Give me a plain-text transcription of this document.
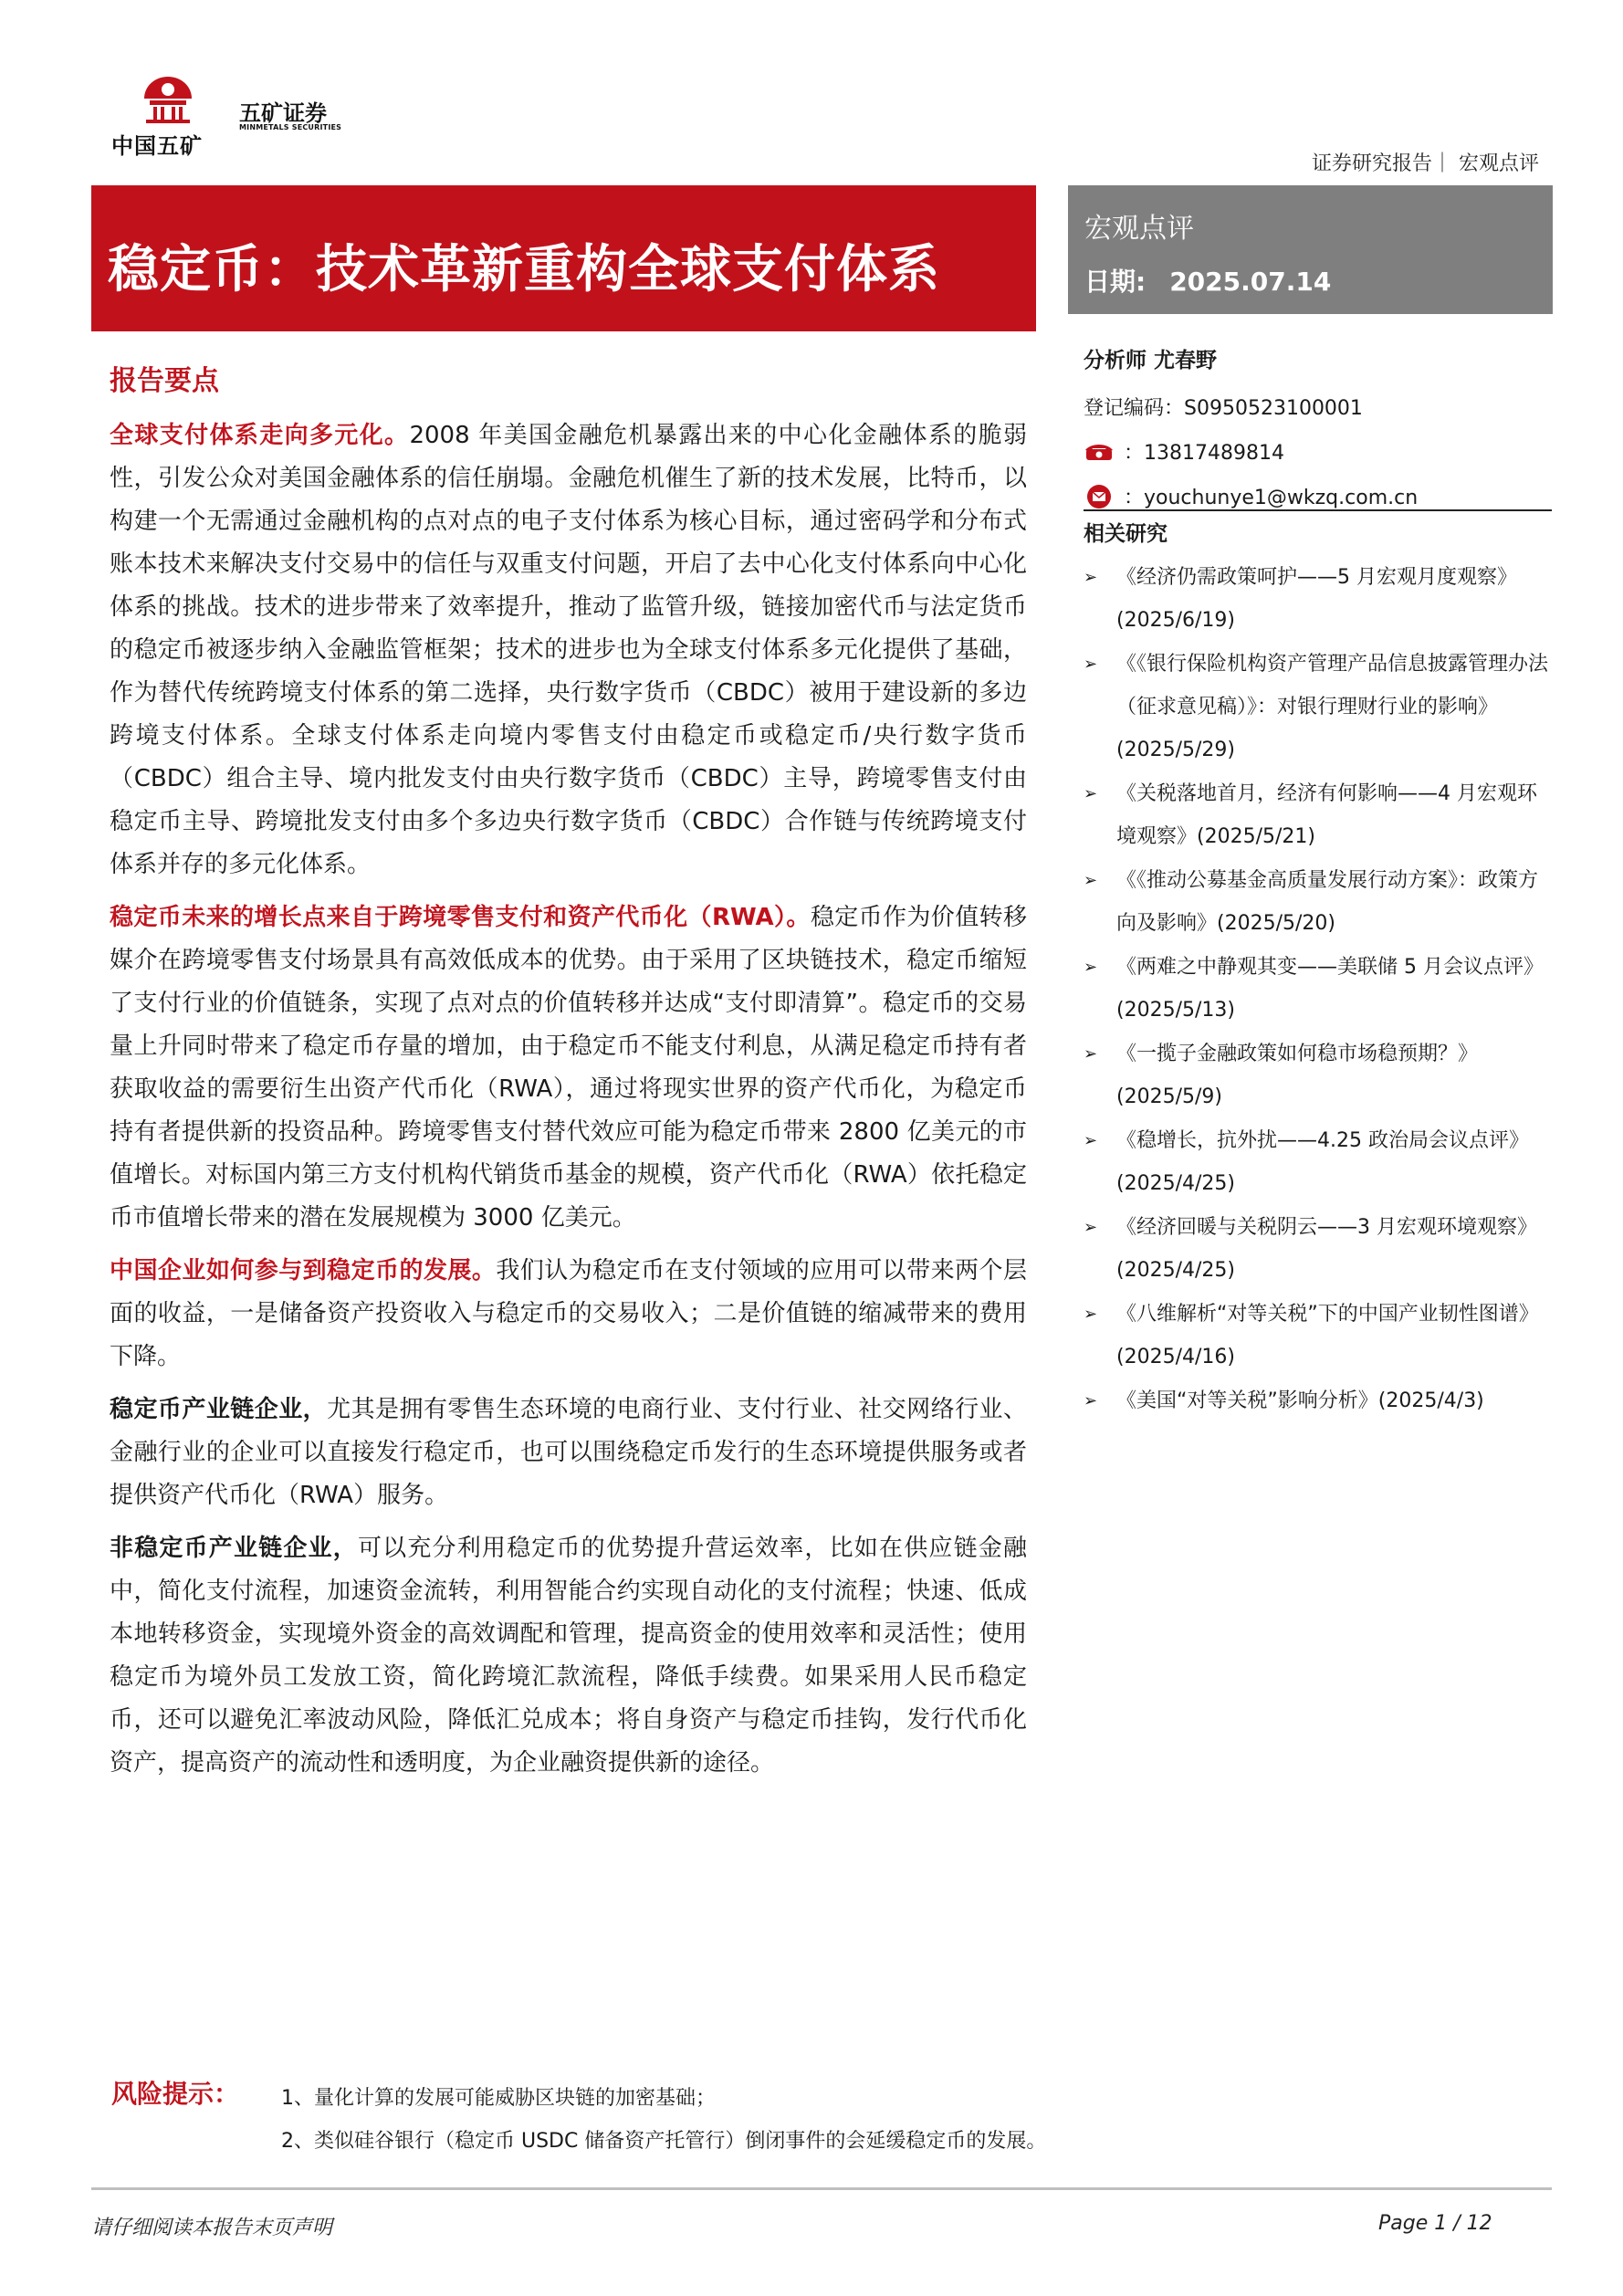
中国五矿
五矿证券
MINMETALS SECURITIES
证券研究报告｜ 宏观点评
稳定币：技术革新重构全球支付体系
宏观点评
日期: 2025.07.14
报告要点

全球支付体系走向多元化。2008 年美国金融危机暴露出来的中心化金融体系的脆弱性，引发公众对美国金融体系的信任崩塌。金融危机催生了新的技术发展，比特币，以构建一个无需通过金融机构的点对点的电子支付体系为核心目标，通过密码学和分布式账本技术来解决支付交易中的信任与双重支付问题，开启了去中心化支付体系向中心化体系的挑战。技术的进步带来了效率提升，推动了监管升级，链接加密代币与法定货币的稳定币被逐步纳入金融监管框架；技术的进步也为全球支付体系多元化提供了基础，作为替代传统跨境支付体系的第二选择，央行数字货币（CBDC）被用于建设新的多边跨境支付体系。全球支付体系走向境内零售支付由稳定币或稳定币/央行数字货币（CBDC）组合主导、境内批发支付由央行数字货币（CBDC）主导，跨境零售支付由稳定币主导、跨境批发支付由多个多边央行数字货币（CBDC）合作链与传统跨境支付体系并存的多元化体系。

稳定币未来的增长点来自于跨境零售支付和资产代币化（RWA）。稳定币作为价值转移媒介在跨境零售支付场景具有高效低成本的优势。由于采用了区块链技术，稳定币缩短了支付行业的价值链条，实现了点对点的价值转移并达成“支付即清算”。稳定币的交易量上升同时带来了稳定币存量的增加，由于稳定币不能支付利息，从满足稳定币持有者获取收益的需要衍生出资产代币化（RWA），通过将现实世界的资产代币化，为稳定币持有者提供新的投资品种。跨境零售支付替代效应可能为稳定币带来 2800 亿美元的市值增长。对标国内第三方支付机构代销货币基金的规模，资产代币化（RWA）依托稳定币市值增长带来的潜在发展规模为 3000 亿美元。

中国企业如何参与到稳定币的发展。我们认为稳定币在支付领域的应用可以带来两个层面的收益，一是储备资产投资收入与稳定币的交易收入；二是价值链的缩减带来的费用下降。

稳定币产业链企业，尤其是拥有零售生态环境的电商行业、支付行业、社交网络行业、金融行业的企业可以直接发行稳定币，也可以围绕稳定币发行的生态环境提供服务或者提供资产代币化（RWA）服务。

非稳定币产业链企业，可以充分利用稳定币的优势提升营运效率，比如在供应链金融中，简化支付流程，加速资金流转，利用智能合约实现自动化的支付流程；快速、低成本地转移资金，实现境外资金的高效调配和管理，提高资金的使用效率和灵活性；使用稳定币为境外员工发放工资，简化跨境汇款流程，降低手续费。如果采用人民币稳定币，还可以避免汇率波动风险，降低汇兑成本；将自身资产与稳定币挂钩，发行代币化资产，提高资产的流动性和透明度，为企业融资提供新的途径。

分析师 尤春野
登记编码：S0950523100001
：13817489814
：youchunye1@wkzq.com.cn
相关研究
➢ 《经济仍需政策呵护——5 月宏观月度观察》(2025/6/19)
➢ 《《银行保险机构资产管理产品信息披露管理办法（征求意见稿）》：对银行理财行业的影响》(2025/5/29)
➢ 《关税落地首月，经济有何影响——4 月宏观环境观察》(2025/5/21)
➢ 《《推动公募基金高质量发展行动方案》：政策方向及影响》(2025/5/20)
➢ 《两难之中静观其变——美联储 5 月会议点评》(2025/5/13)
➢ 《一揽子金融政策如何稳市场稳预期？》(2025/5/9)
➢ 《稳增长，抗外扰——4.25 政治局会议点评》(2025/4/25)
➢ 《经济回暖与关税阴云——3 月宏观环境观察》(2025/4/25)
➢ 《八维解析“对等关税”下的中国产业韧性图谱》(2025/4/16)
➢ 《美国“对等关税”影响分析》(2025/4/3)
风险提示： 1、量化计算的发展可能威胁区块链的加密基础；
2、类似硅谷银行（稳定币 USDC 储备资产托管行）倒闭事件的会延缓稳定币的发展。
请仔细阅读本报告末页声明	Page 1 / 12
